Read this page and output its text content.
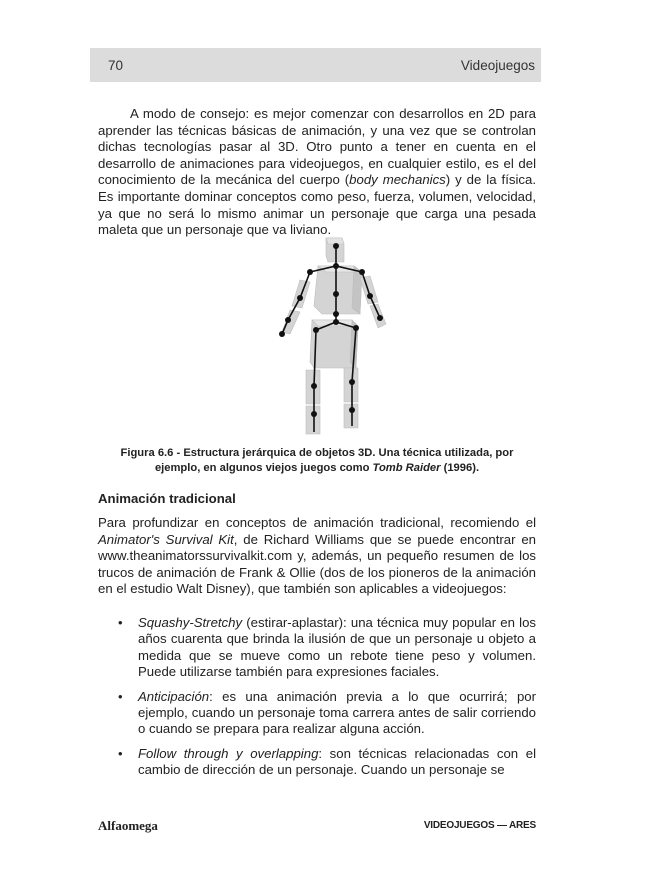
70	Videojuegos

A modo de consejo: es mejor comenzar con desarrollos en 2D para aprender las técnicas básicas de animación, y una vez que se controlan dichas tecnologías pasar al 3D. Otro punto a tener en cuenta en el desarrollo de animaciones para videojuegos, en cualquier estilo, es el del conocimiento de la mecánica del cuerpo (body mechanics) y de la física. Es importante dominar conceptos como peso, fuerza, volumen, velocidad, ya que no será lo mismo animar un personaje que carga una pesada maleta que un personaje que va liviano.

Figura 6.6 - Estructura jerárquica de objetos 3D. Una técnica utilizada, por ejemplo, en algunos viejos juegos como Tomb Raider (1996).
Animación tradicional

Para profundizar en conceptos de animación tradicional, recomiendo el Animator's Survival Kit, de Richard Williams que se puede encontrar en www.theanimatorssurvivalkit.com y, además, un pequeño resumen de los trucos de animación de Frank & Ollie (dos de los pioneros de la animación en el estudio Walt Disney), que también son aplicables a videojuegos:

• Squashy-Stretchy (estirar-aplastar): una técnica muy popular en los años cuarenta que brinda la ilusión de que un personaje u objeto a medida que se mueve como un rebote tiene peso y volumen. Puede utilizarse también para expresiones faciales.
• Anticipación: es una animación previa a lo que ocurrirá; por ejemplo, cuando un personaje toma carrera antes de salir corriendo o cuando se prepara para realizar alguna acción.
• Follow through y overlapping: son técnicas relacionadas con el cambio de dirección de un personaje. Cuando un personaje se
Alfaomega	VIDEOJUEGOS — ARES
